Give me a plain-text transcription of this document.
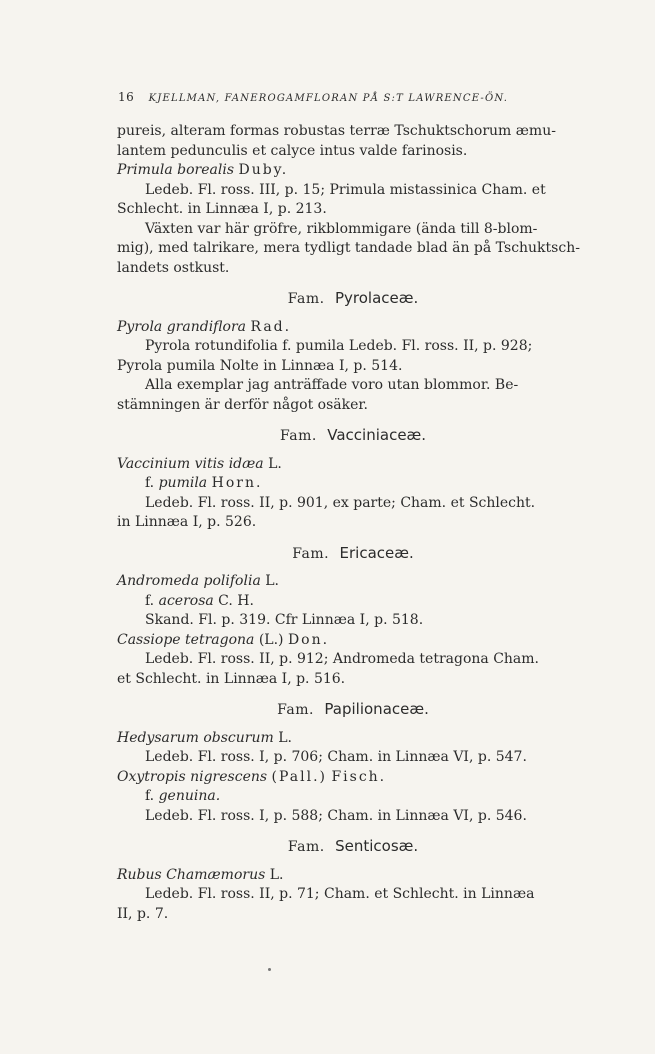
16 KJELLMAN, FANEROGAMFLORAN PÅ S:T LAWRENCE-ÖN.
pureis, alteram formas robustas terræ Tschuktschorum æmu-
lantem pedunculis et calyce intus valde farinosis.
Primula borealis Duby.
Ledeb. Fl. ross. III, p. 15; Primula mistassinica Cham. et
Schlecht. in Linnæa I, p. 213.
Växten var här gröfre, rikblommigare (ända till 8-blom-
mig), med talrikare, mera tydligt tandade blad än på Tschuktsch-
landets ostkust.
Fam. Pyrolaceæ.
Pyrola grandiflora Rad.
Pyrola rotundifolia f. pumila Ledeb. Fl. ross. II, p. 928;
Pyrola pumila Nolte in Linnæa I, p. 514.
Alla exemplar jag anträffade voro utan blommor. Be-
stämningen är derför något osäker.
Fam. Vacciniaceæ.
Vaccinium vitis idæa L.
f. pumila Horn.
Ledeb. Fl. ross. II, p. 901, ex parte; Cham. et Schlecht.
in Linnæa I, p. 526.
Fam. Ericaceæ.
Andromeda polifolia L.
f. acerosa C. H.
Skand. Fl. p. 319. Cfr Linnæa I, p. 518.
Cassiope tetragona (L.) Don.
Ledeb. Fl. ross. II, p. 912; Andromeda tetragona Cham.
et Schlecht. in Linnæa I, p. 516.
Fam. Papilionaceæ.
Hedysarum obscurum L.
Ledeb. Fl. ross. I, p. 706; Cham. in Linnæa VI, p. 547.
Oxytropis nigrescens (Pall.) Fisch.
f. genuina.
Ledeb. Fl. ross. I, p. 588; Cham. in Linnæa VI, p. 546.
Fam. Senticosæ.
Rubus Chamæmorus L.
Ledeb. Fl. ross. II, p. 71; Cham. et Schlecht. in Linnæa
II, p. 7.
